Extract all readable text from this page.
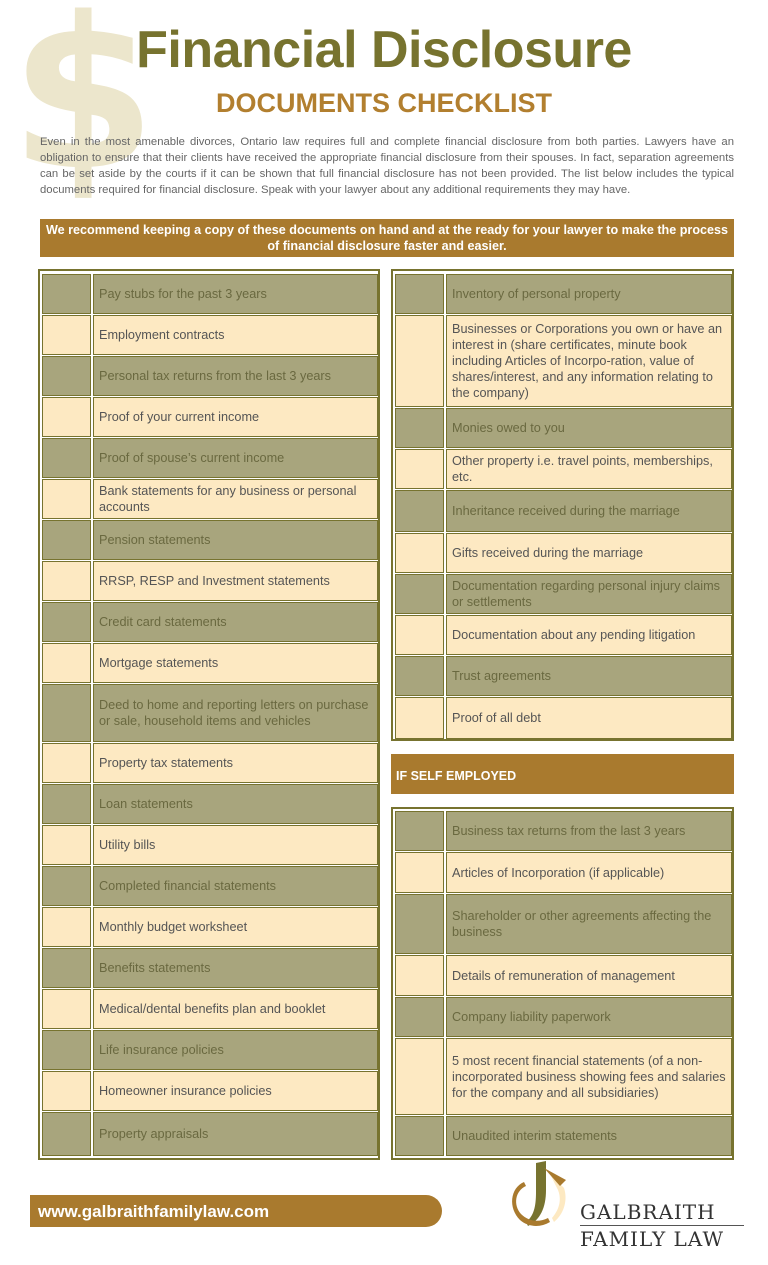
$
Financial Disclosure
DOCUMENTS CHECKLIST

Even in the most amenable divorces, Ontario law requires full and complete financial disclosure from both parties. Lawyers have an obligation to ensure that their clients have received the appropriate financial disclosure from their spouses. In fact, separation agreements can be set aside by the courts if it can be shown that full financial disclosure has not been provided. The list below includes the typical documents required for financial disclosure. Speak with your lawyer about any additional requirements they may have.

We recommend keeping a copy of these documents on hand and at the ready for your lawyer to make the process of financial disclosure faster and easier.
Pay stubs for the past 3 years
Employment contracts
Personal tax returns from the last 3 years
Proof of your current income
Proof of spouse’s current income
Bank statements for any business or personal accounts
Pension statements
RRSP, RESP and Investment statements
Credit card statements
Mortgage statements
Deed to home and reporting letters on purchase or sale, household items and vehicles
Property tax statements
Loan statements
Utility bills
Completed financial statements
Monthly budget worksheet
Benefits statements
Medical/dental benefits plan and booklet
Life insurance policies
Homeowner insurance policies
Property appraisals
Inventory of personal property
Businesses or Corporations you own or have an interest in (share certificates, minute book including Articles of Incorpo-ration, value of shares/interest, and any information relating to the company)
Monies owed to you
Other property i.e. travel points, memberships, etc.
Inheritance received during the marriage
Gifts received during the marriage
Documentation regarding personal injury claims or settlements
Documentation about any pending litigation
Trust agreements
Proof of all debt
IF SELF EMPLOYED
Business tax returns from the last 3 years
Articles of Incorporation (if applicable)
Shareholder or other agreements affecting the business
Details of remuneration of management
Company liability paperwork
5 most recent financial statements (of a non-incorporated business showing fees and salaries for the company and all subsidiaries)
Unaudited interim statements
www.galbraithfamilylaw.com	GALBRAITH
FAMILY LAW
